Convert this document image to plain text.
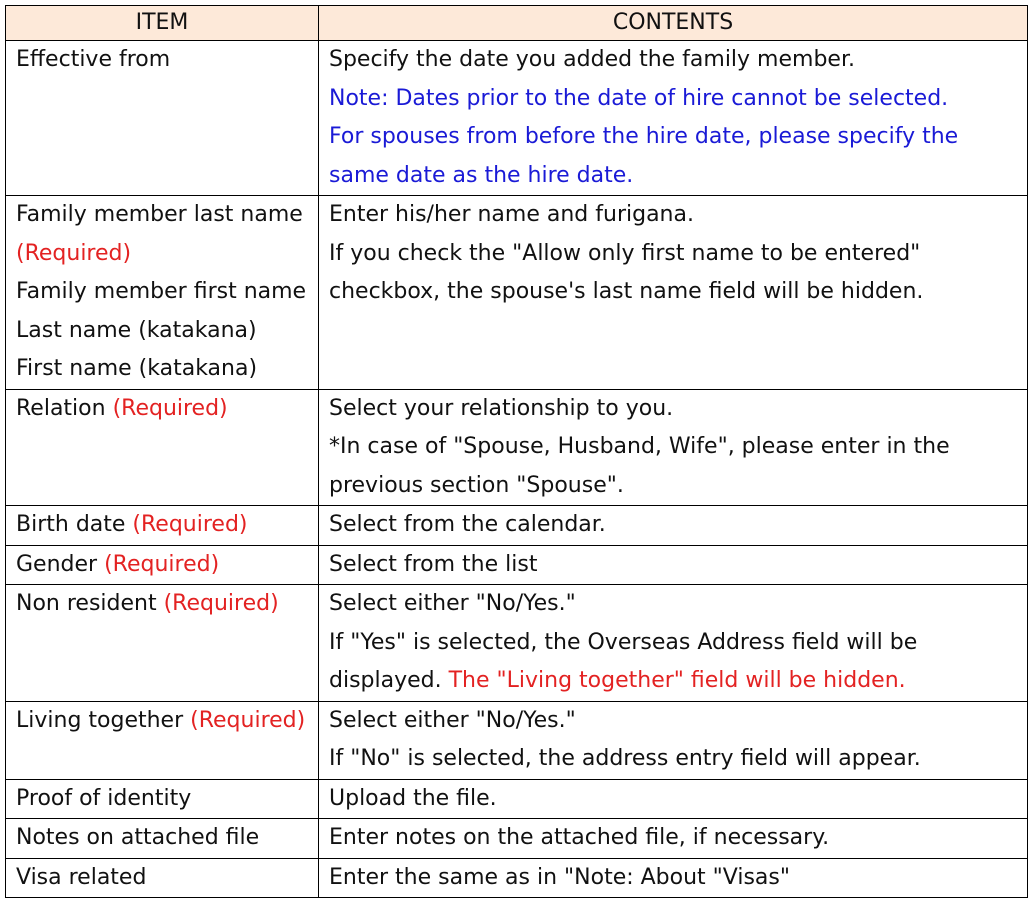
ITEM	CONTENTS

Effective from	Specify the date you added the family member.
Note: Dates prior to the date of hire cannot be selected.
For spouses from before the hire date, please specify the
same date as the hire date.

Family member last name
(Required)
Family member first name
Last name (katakana)
First name (katakana)	Enter his/her name and furigana.
If you check the "Allow only first name to be entered"
checkbox, the spouse's last name field will be hidden.

Relation (Required)	Select your relationship to you.
*In case of "Spouse, Husband, Wife", please enter in the
previous section "Spouse".

Birth date (Required)	Select from the calendar.

Gender (Required)	Select from the list

Non resident (Required)	Select either "No/Yes."
If "Yes" is selected, the Overseas Address field will be
displayed. The "Living together" field will be hidden.

Living together (Required)	Select either "No/Yes."
If "No" is selected, the address entry field will appear.

Proof of identity	Upload the file.

Notes on attached file	Enter notes on the attached file, if necessary.

Visa related	Enter the same as in "Note: About "Visas"
